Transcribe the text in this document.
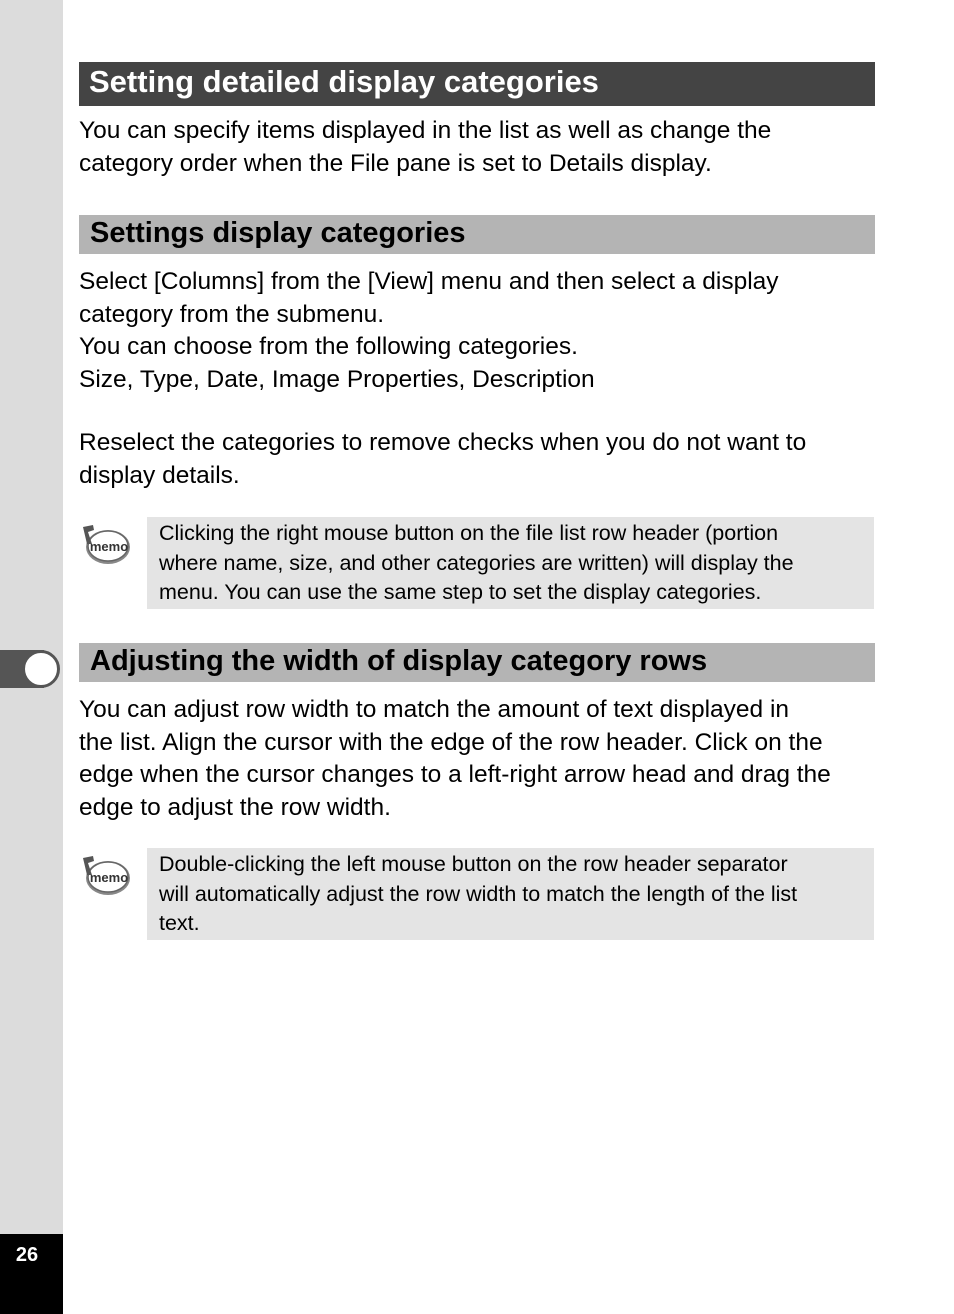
26
Setting detailed display categories

You can specify items displayed in the list as well as change the
category order when the File pane is set to Details display.

Settings display categories

Select [Columns] from the [View] menu and then select a display
category from the submenu.
You can choose from the following categories.
Size, Type, Date, Image Properties, Description

Reselect the categories to remove checks when you do not want to
display details.

memo
Clicking the right mouse button on the file list row header (portion
where name, size, and other categories are written) will display the
menu. You can use the same step to set the display categories.
Adjusting the width of display category rows

You can adjust row width to match the amount of text displayed in
the list. Align the cursor with the edge of the row header. Click on the
edge when the cursor changes to a left-right arrow head and drag the
edge to adjust the row width.

memo
Double-clicking the left mouse button on the row header separator
will automatically adjust the row width to match the length of the list
text.
